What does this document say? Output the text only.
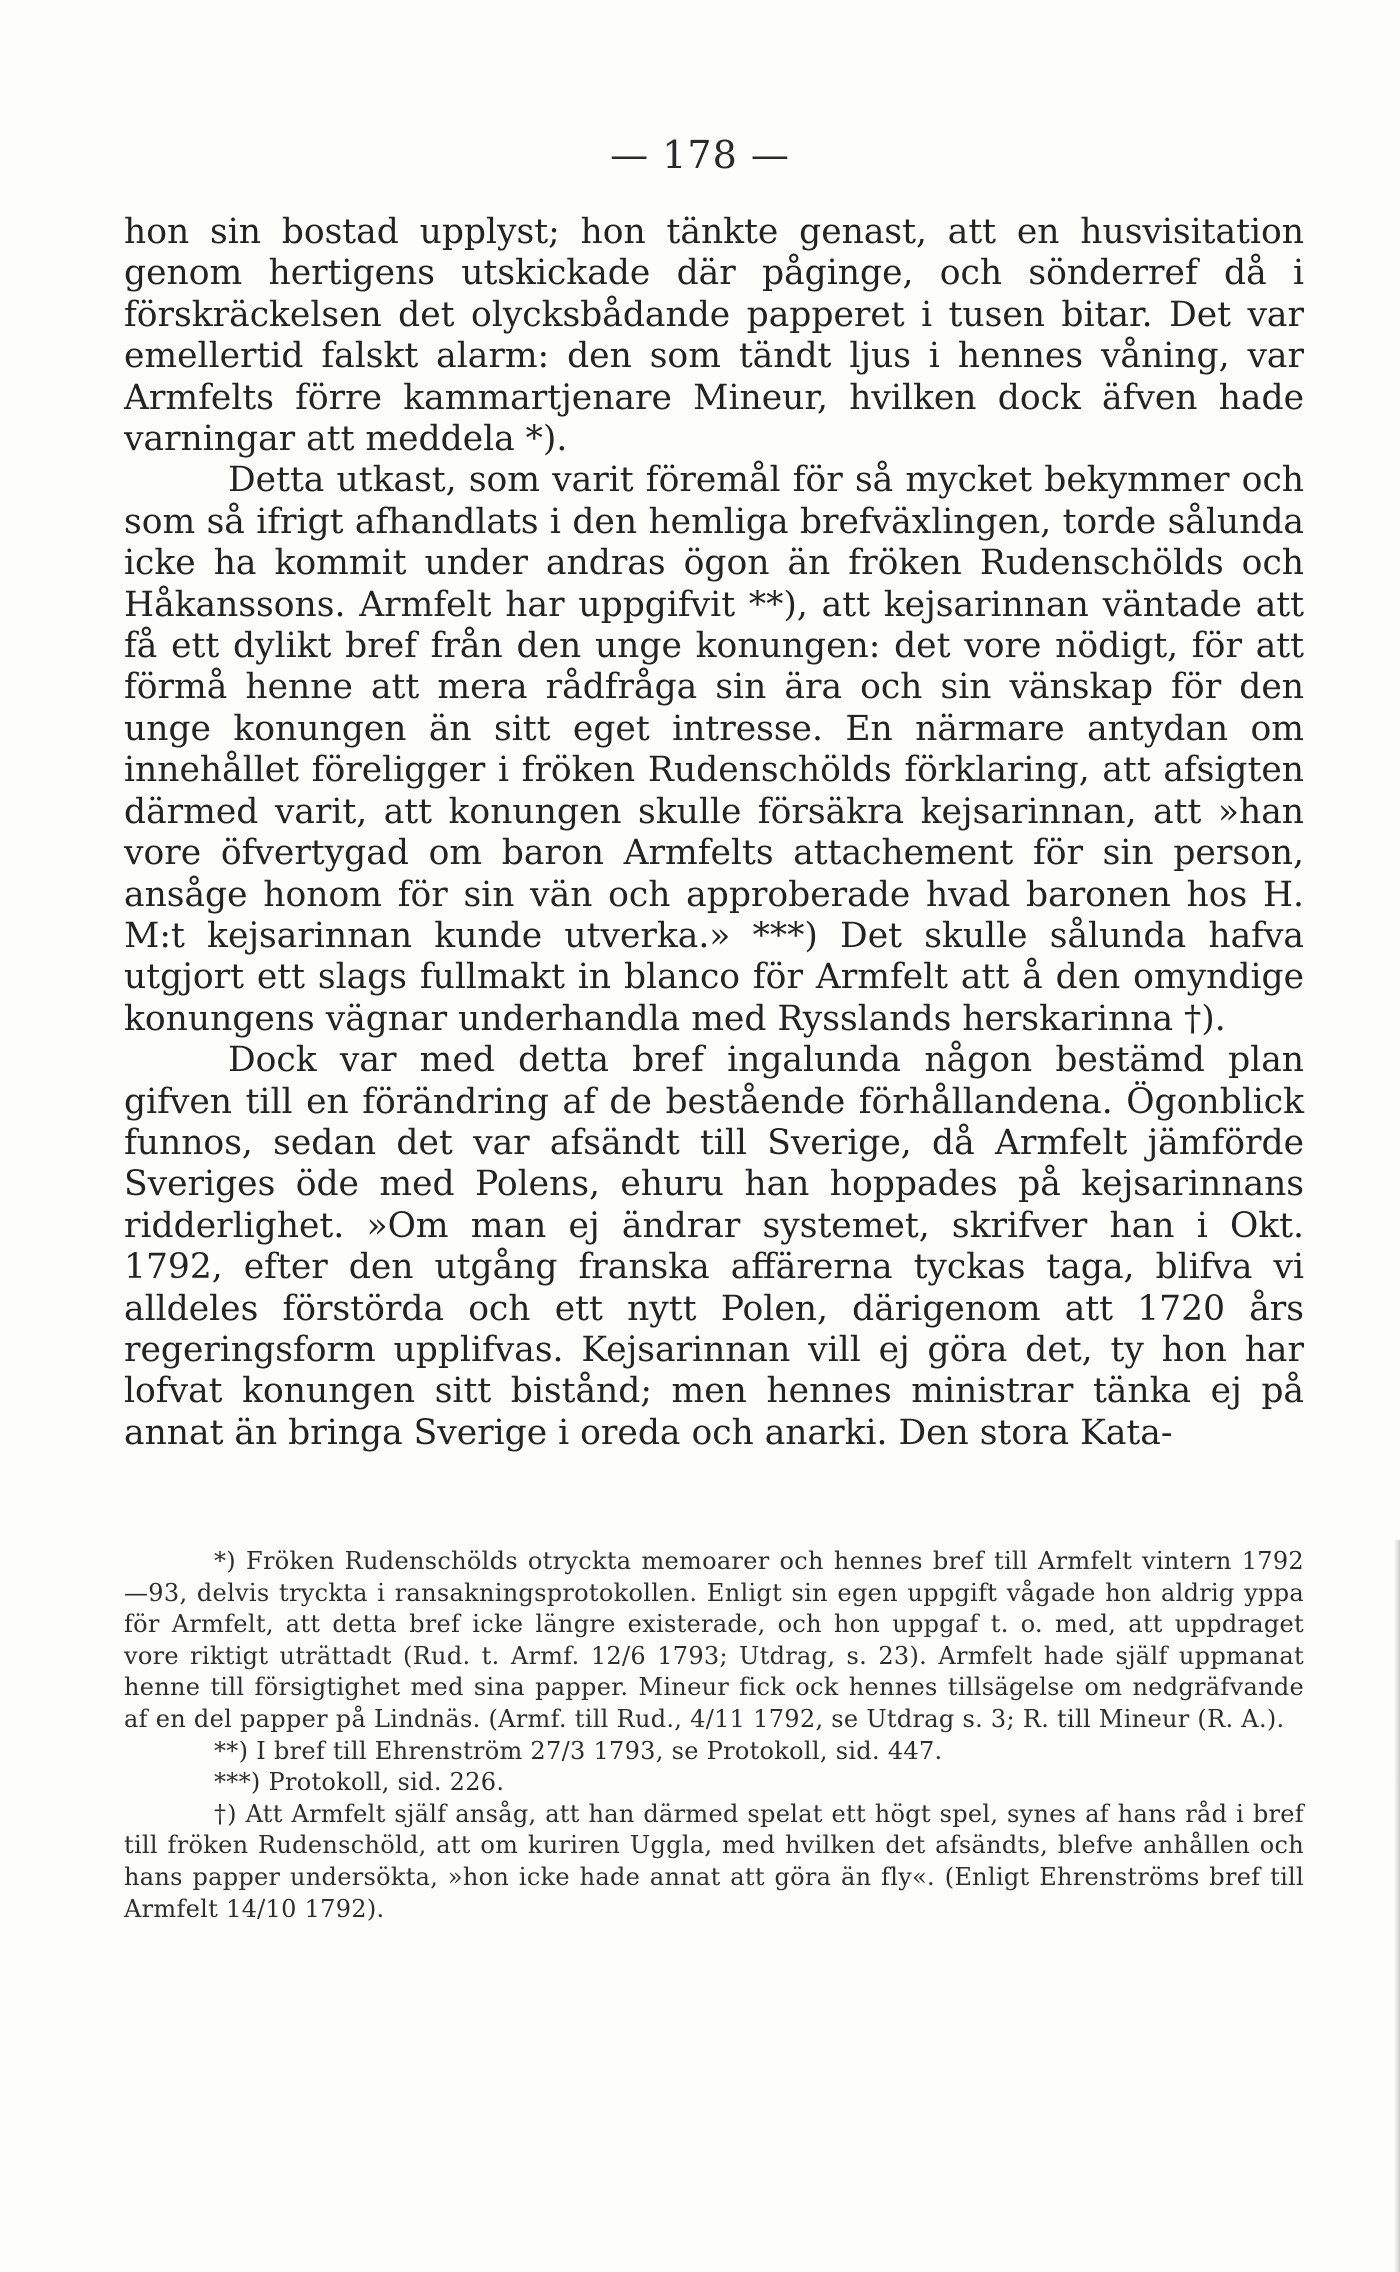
— 178 —

hon sin bostad upplyst; hon tänkte genast, att en husvisitation genom hertigens utskickade där påginge, och sönderref då i förskräckelsen det olycksbådande papperet i tusen bitar. Det var emellertid falskt alarm: den som tändt ljus i hennes våning, var Armfelts förre kammartjenare Mineur, hvilken dock äfven hade varningar att meddela *).

Detta utkast, som varit föremål för så mycket bekymmer och som så ifrigt afhandlats i den hemliga brefväxlingen, torde sålunda icke ha kommit under andras ögon än fröken Rudenschölds och Håkanssons. Armfelt har uppgifvit **), att kejsarinnan väntade att få ett dylikt bref från den unge konungen: det vore nödigt, för att förmå henne att mera rådfråga sin ära och sin vänskap för den unge konungen än sitt eget intresse. En närmare antydan om innehållet föreligger i fröken Rudenschölds förklaring, att afsigten därmed varit, att konungen skulle försäkra kejsarinnan, att »han vore öfvertygad om baron Armfelts attachement för sin person, ansåge honom för sin vän och approberade hvad baronen hos H. M:t kejsarinnan kunde utverka.» ***) Det skulle sålunda hafva utgjort ett slags fullmakt in blanco för Armfelt att å den omyndige konungens vägnar underhandla med Rysslands herskarinna †).

Dock var med detta bref ingalunda någon bestämd plan gifven till en förändring af de bestående förhållandena. Ögonblick funnos, sedan det var afsändt till Sverige, då Armfelt jämförde Sveriges öde med Polens, ehuru han hoppades på kejsarinnans ridderlighet. »Om man ej ändrar systemet, skrifver han i Okt. 1792, efter den utgång franska affärerna tyckas taga, blifva vi alldeles förstörda och ett nytt Polen, därigenom att 1720 års regeringsform upplifvas. Kejsarinnan vill ej göra det, ty hon har lofvat konungen sitt bistånd; men hennes ministrar tänka ej på annat än bringa Sverige i oreda och anarki. Den stora Kata-

*) Fröken Rudenschölds otryckta memoarer och hennes bref till Armfelt vintern 1792—93, delvis tryckta i ransakningsprotokollen. Enligt sin egen uppgift vågade hon aldrig yppa för Armfelt, att detta bref icke längre existerade, och hon uppgaf t. o. med, att uppdraget vore riktigt uträttadt (Rud. t. Armf. 12/6 1793; Utdrag, s. 23). Armfelt hade själf uppmanat henne till försigtighet med sina papper. Mineur fick ock hennes tillsägelse om nedgräfvande af en del papper på Lindnäs. (Armf. till Rud., 4/11 1792, se Utdrag s. 3; R. till Mineur (R. A.).

**) I bref till Ehrenström 27/3 1793, se Protokoll, sid. 447.

***) Protokoll, sid. 226.

†) Att Armfelt själf ansåg, att han därmed spelat ett högt spel, synes af hans råd i bref till fröken Rudenschöld, att om kuriren Uggla, med hvilken det afsändts, blefve anhållen och hans papper undersökta, »hon icke hade annat att göra än fly«. (Enligt Ehrenströms bref till Armfelt 14/10 1792).
